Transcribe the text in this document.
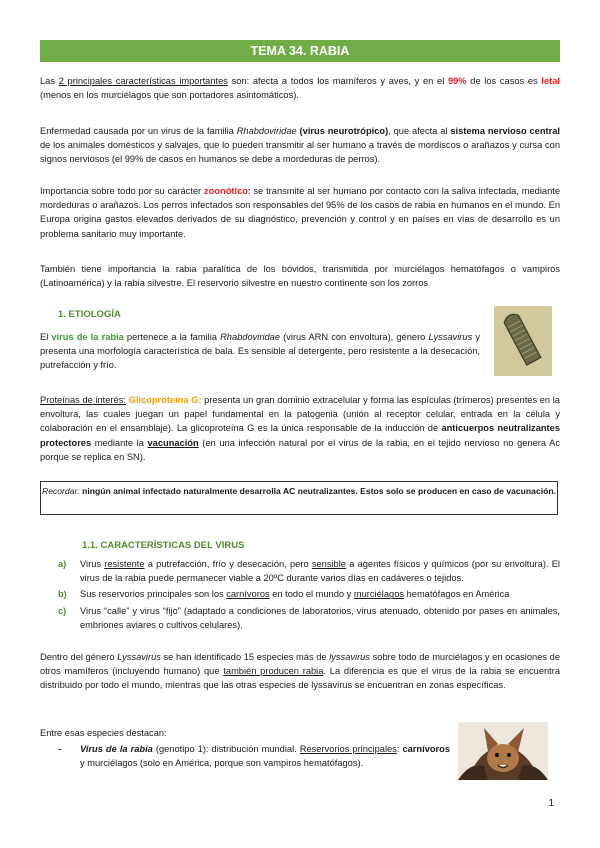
TEMA 34. RABIA

Las 2 principales características importantes son: afecta a todos los mamíferos y aves, y en el 99% de los casos es letal (menos en los murciélagos que son portadores asintomáticos).

Enfermedad causada por un virus de la familia Rhabdoviridae (virus neurotrópico), que afecta al sistema nervioso central de los animales domésticos y salvajes, que lo pueden transmitir al ser humano a través de mordiscos o arañazos y cursa con signos nerviosos (el 99% de casos en humanos se debe a mordeduras de perros).

Importancia sobre todo por su carácter zoonótico: se transmite al ser humano por contacto con la saliva infectada, mediante mordeduras o arañazos. Los perros infectados son responsables del 95% de los casos de rabia en humanos en el mundo. En Europa origina gastos elevados derivados de su diagnóstico, prevención y control y en países en vías de desarrollo es un problema sanitario muy importante.

También tiene importancia la rabia paralítica de los bóvidos, transmitida por murciélagos hematófagos o vampiros (Latinoamérica) y la rabia silvestre. El reservorio silvestre en nuestro continente son los zorros

1. ETIOLOGÍA

El virus de la rabia pertenece a la familia Rhabdoviridae (virus ARN con envoltura), género Lyssavirus y presenta una morfología característica de bala. Es sensible al detergente, pero resistente a la desecación, putrefacción y frío.

Proteínas de interés: Glicoproteína G: presenta un gran dominio extracelular y forma las espículas (trímeros) presentes en la envoltura, las cuales juegan un papel fundamental en la patogenia (unión al receptor celular, entrada en la célula y colaboración en el ensamblaje). La glicoproteína G es la única responsable de la inducción de anticuerpos neutralizantes protectores mediante la vacunación (en una infección natural por el virus de la rabia, en el tejido nervioso no genera Ac porque se replica en SN).

Recordar: ningún animal infectado naturalmente desarrolla AC neutralizantes. Estos solo se producen en caso de vacunación.
1.1. CARACTERÍSTICAS DEL VIRUS
a) Virus resistente a putrefacción, frío y desecación, pero sensible a agentes físicos y químicos (por su envoltura). El virus de la rabia puede permanecer viable a 20ºC durante varios días en cadáveres o tejidos.
b) Sus reservorios principales son los carnívoros en todo el mundo y murciélagos hematófagos en América
c) Virus “calle” y virus “fijo” (adaptado a condiciones de laboratorios, virus atenuado, obtenido por pases en animales, embriones aviares o cultivos celulares).

Dentro del género Lyssavirus se han identificado 15 especies más de lyssavirus sobre todo de murciélagos y en ocasiones de otros mamíferos (incluyendo humano) que también producen rabia. La diferencia es que el virus de la rabia se encuentra distribuido por todo el mundo, mientras que las otras especies de lyssavirus se encuentran en zonas específicas.

Entre esas especies destacan:

-	Virus de la rabia (genotipo 1): distribución mundial. Reservorios principales: carnívoros y murciélagos (solo en América, porque son vampiros hematófagos).
1
